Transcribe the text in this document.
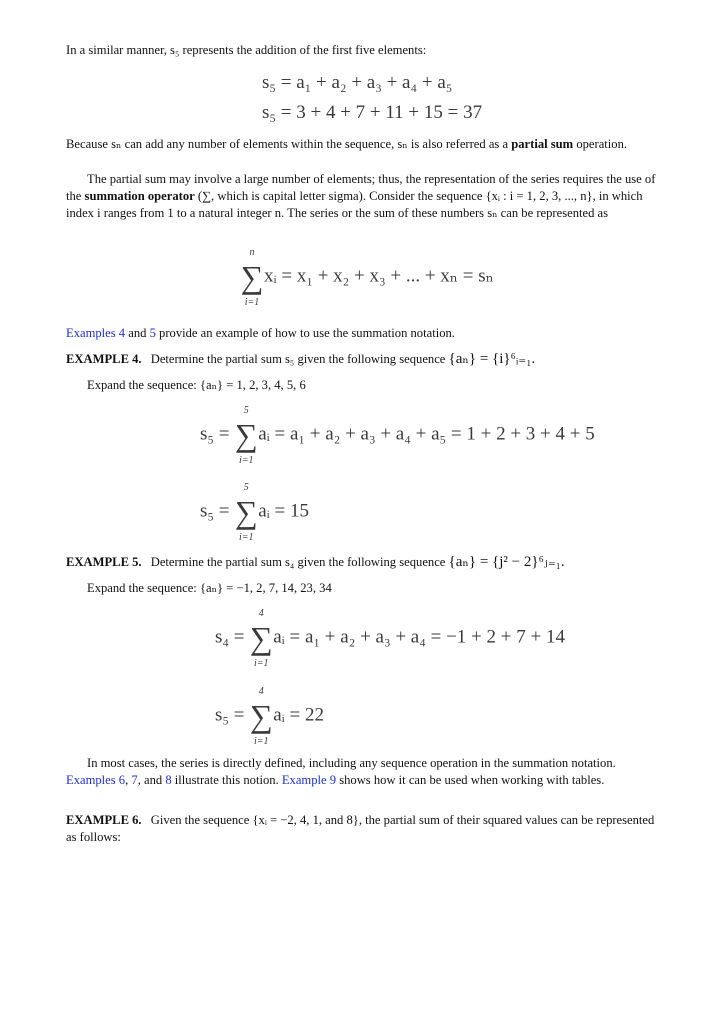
In a similar manner, s₅ represents the addition of the first five elements:

s₅ = a₁ + a₂ + a₃ + a₄ + a₅
s₅ = 3 + 4 + 7 + 11 + 15 = 37

Because sₙ can add any number of elements within the sequence, sₙ is also referred as a partial sum operation.

The partial sum may involve a large number of elements; thus, the representation of the series requires the use of the summation operator (∑, which is capital letter sigma). Consider the sequence {xᵢ : i = 1, 2, 3, ..., n}, in which index i ranges from 1 to a natural integer n. The series or the sum of these numbers sₙ can be represented as

n
∑
i=1
xᵢ = x₁ + x₂ + x₃ + ... + xₙ = sₙ

Examples 4 and 5 provide an example of how to use the summation notation.

EXAMPLE 4. Determine the partial sum s₅ given the following sequence {aₙ} = {i}⁶ᵢ₌₁.

Expand the sequence: {aₙ} = 1, 2, 3, 4, 5, 6

s₅ =
5
∑
i=1
aᵢ = a₁ + a₂ + a₃ + a₄ + a₅ = 1 + 2 + 3 + 4 + 5
s₅ =
5
∑
i=1
aᵢ = 15

EXAMPLE 5. Determine the partial sum s₄ given the following sequence {aₙ} = {j² − 2}⁶ⱼ₌₁.

Expand the sequence: {aₙ} = −1, 2, 7, 14, 23, 34

s₄ =
4
∑
i=1
aᵢ = a₁ + a₂ + a₃ + a₄ = −1 + 2 + 7 + 14
s₅ =
4
∑
i=1
aᵢ = 22

In most cases, the series is directly defined, including any sequence operation in the summation notation. Examples 6, 7, and 8 illustrate this notion. Example 9 shows how it can be used when working with tables.

EXAMPLE 6. Given the sequence {xᵢ = −2, 4, 1, and 8}, the partial sum of their squared values can be represented as follows:
